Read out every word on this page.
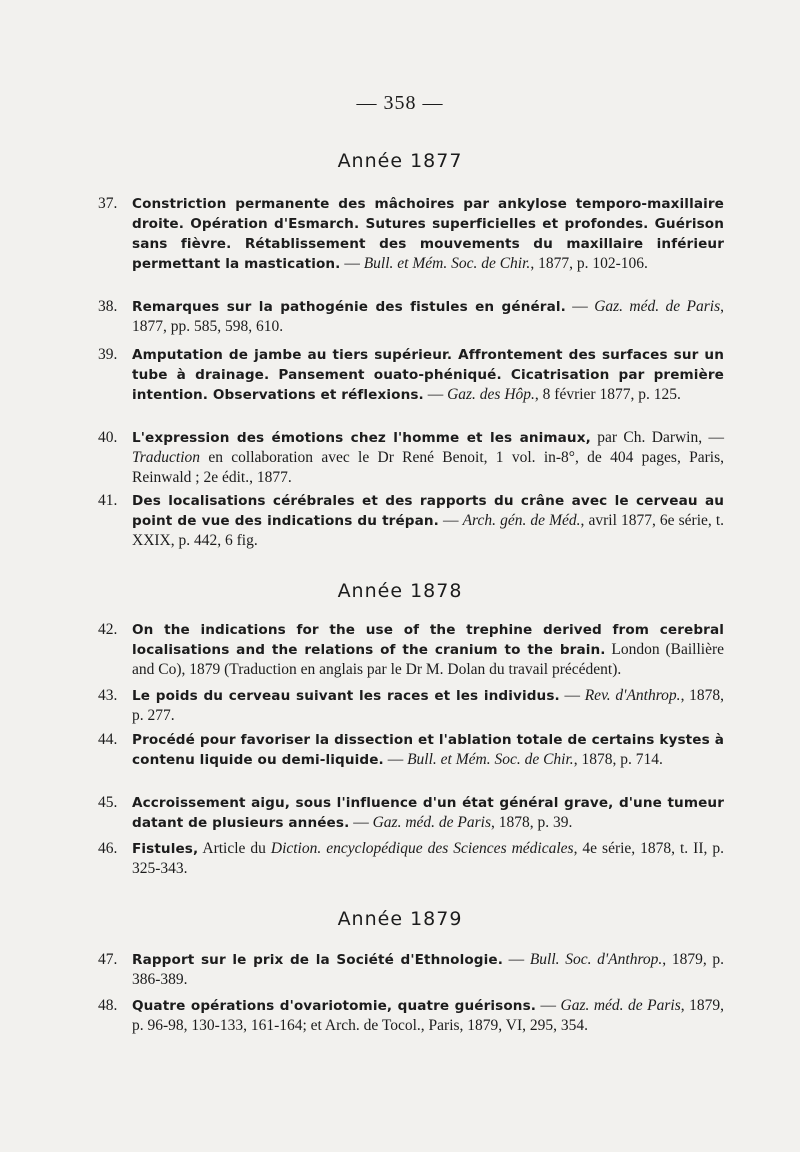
— 358 —
Année 1877
37.	Constriction permanente des mâchoires par ankylose temporo-maxillaire droite. Opération d'Esmarch. Sutures superficielles et profondes. Guérison sans fièvre. Rétablissement des mouvements du maxillaire inférieur permettant la mastication. — Bull. et Mém. Soc. de Chir., 1877, p. 102-106.
38.	Remarques sur la pathogénie des fistules en général. — Gaz. méd. de Paris, 1877, pp. 585, 598, 610.
39.	Amputation de jambe au tiers supérieur. Affrontement des surfaces sur un tube à drainage. Pansement ouato-phéniqué. Cicatrisation par première intention. Observations et réflexions. — Gaz. des Hôp., 8 février 1877, p. 125.
40.	L'expression des émotions chez l'homme et les animaux, par Ch. Darwin, — Traduction en collaboration avec le Dr René Benoit, 1 vol. in-8°, de 404 pages, Paris, Reinwald ; 2e édit., 1877.
41.	Des localisations cérébrales et des rapports du crâne avec le cerveau au point de vue des indications du trépan. — Arch. gén. de Méd., avril 1877, 6e série, t. XXIX, p. 442, 6 fig.
Année 1878
42.	On the indications for the use of the trephine derived from cerebral localisations and the relations of the cranium to the brain. London (Baillière and Co), 1879 (Traduction en anglais par le Dr M. Dolan du travail précédent).
43.	Le poids du cerveau suivant les races et les individus. — Rev. d'Anthrop., 1878, p. 277.
44.	Procédé pour favoriser la dissection et l'ablation totale de certains kystes à contenu liquide ou demi-liquide. — Bull. et Mém. Soc. de Chir., 1878, p. 714.
45.	Accroissement aigu, sous l'influence d'un état général grave, d'une tumeur datant de plusieurs années. — Gaz. méd. de Paris, 1878, p. 39.
46.	Fistules, Article du Diction. encyclopédique des Sciences médicales, 4e série, 1878, t. II, p. 325-343.
Année 1879
47.	Rapport sur le prix de la Société d'Ethnologie. — Bull. Soc. d'Anthrop., 1879, p. 386-389.
48.	Quatre opérations d'ovariotomie, quatre guérisons. — Gaz. méd. de Paris, 1879, p. 96-98, 130-133, 161-164; et Arch. de Tocol., Paris, 1879, VI, 295, 354.
